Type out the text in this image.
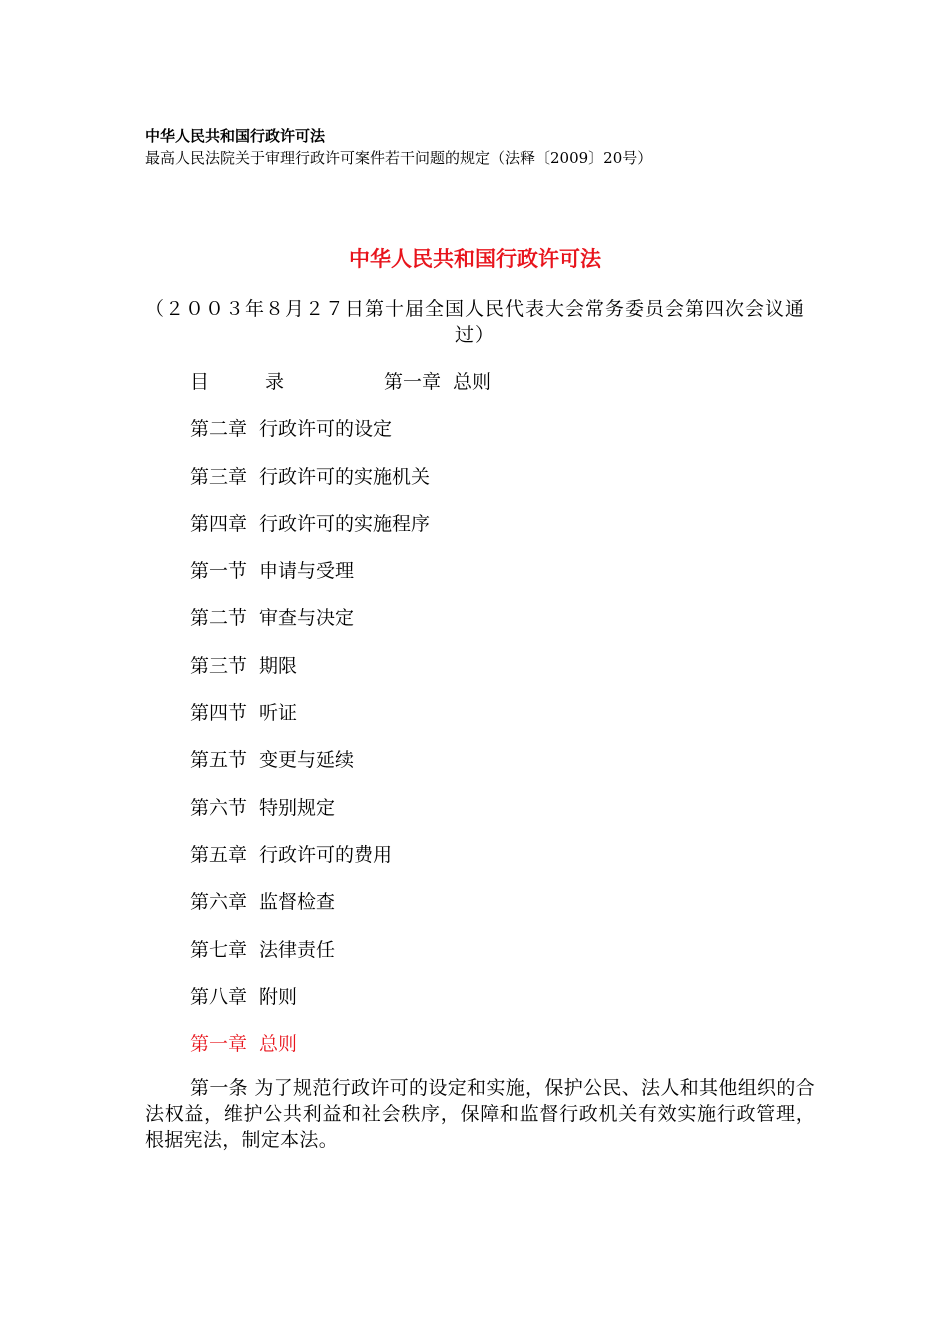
中华人民共和国行政许可法
最高人民法院关于审理行政许可案件若干问题的规定（法释〔2009〕20号）
中华人民共和国行政许可法
（２００３年８月２７日第十届全国人民代表大会常务委员会第四次会议通过）
目	录	第一章 总则
第二章 行政许可的设定
第三章 行政许可的实施机关
第四章 行政许可的实施程序
第一节 申请与受理
第二节 审查与决定
第三节 期限
第四节 听证
第五节 变更与延续
第六节 特别规定
第五章 行政许可的费用
第六章 监督检查
第七章 法律责任
第八章 附则
第一章 总则
第一条 为了规范行政许可的设定和实施，保护公民、法人和其他组织的合法权益，维护公共利益和社会秩序，保障和监督行政机关有效实施行政管理，根据宪法，制定本法。
